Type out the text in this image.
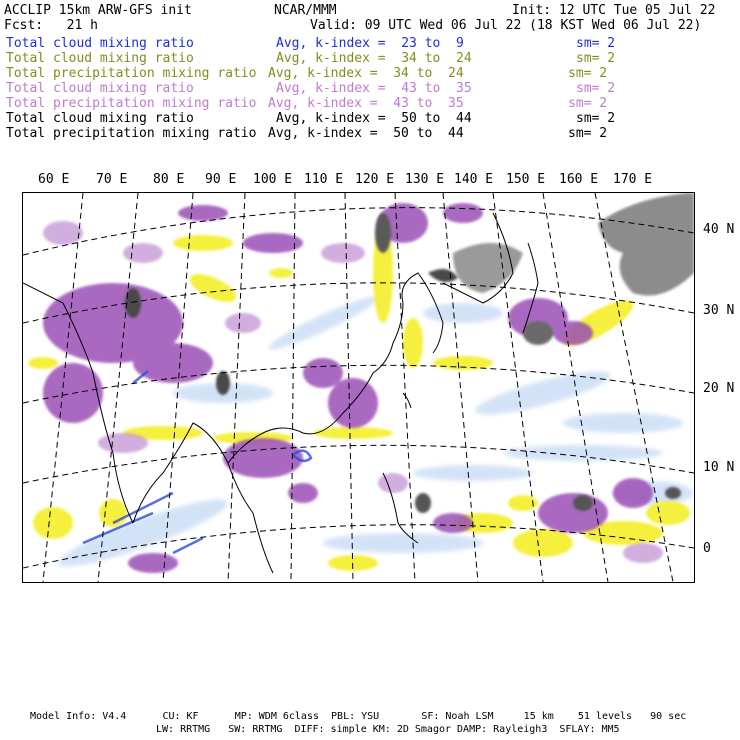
ACCLIP 15km ARW-GFS init	NCAR/MMM	Init: 12 UTC Tue 05 Jul 22
Fcst:   21 h	Valid: 09 UTC Wed 06 Jul 22 (18 KST Wed 06 Jul 22)
Total cloud mixing ratio	Avg, k-index =  23 to  9	sm= 2
Total cloud mixing ratio	Avg, k-index =  34 to  24	sm= 2
Total precipitation mixing ratio Avg, k-index =  34 to  24	sm= 2
Total cloud mixing ratio	Avg, k-index =  43 to  35	sm= 2
Total precipitation mixing ratio Avg, k-index =  43 to  35	sm= 2
Total cloud mixing ratio	Avg, k-index =  50 to  44	sm= 2
Total precipitation mixing ratio Avg, k-index =  50 to  44	sm= 2
60 E 70 E 80 E 90 E 100 E 110 E 120 E 130 E 140 E 150 E 160 E 170 E
40 N
30 N
20 N
10 N
0
Model Info: V4.4      CU: KF      MP: WDM 6class  PBL: YSU       SF: Noah LSM     15 km    51 levels   90 sec
LW: RRTMG   SW: RRTMG  DIFF: simple KM: 2D Smagor DAMP: Rayleigh3  SFLAY: MM5
